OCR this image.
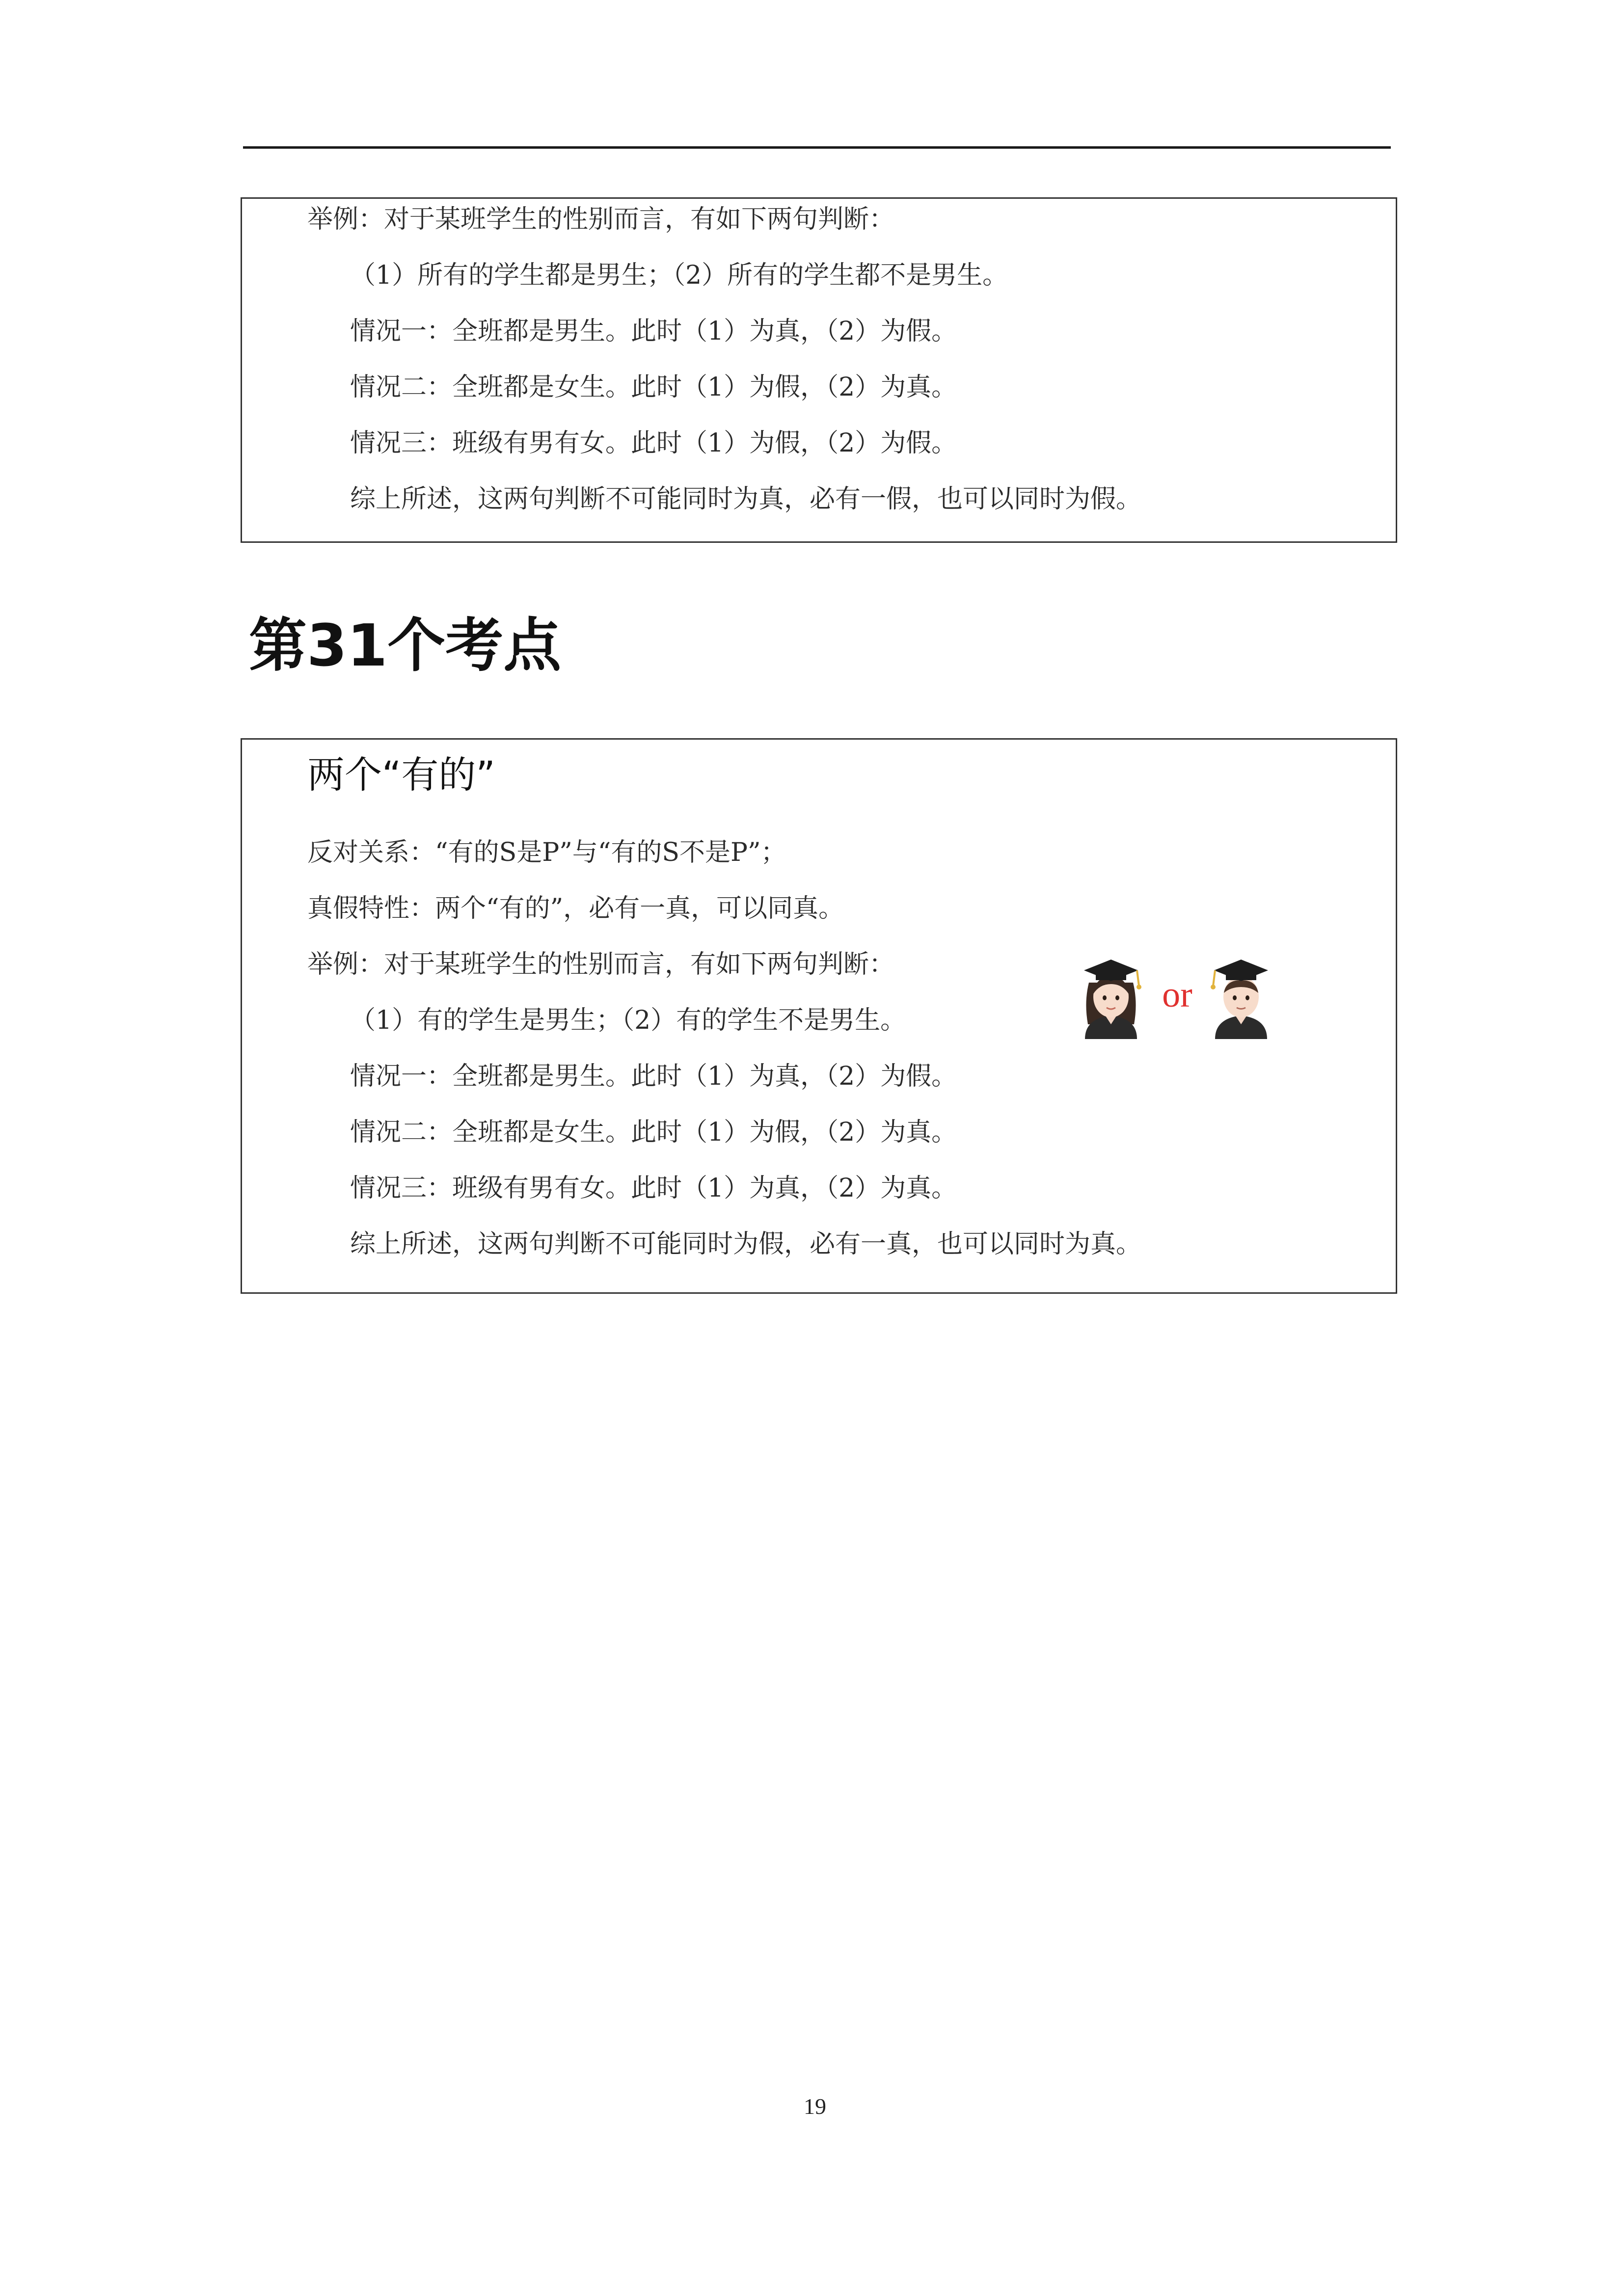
举例：对于某班学生的性别而言，有如下两句判断：
（1）所有的学生都是男生；（2）所有的学生都不是男生。
情况一：全班都是男生。此时（1）为真，（2）为假。
情况二：全班都是女生。此时（1）为假，（2）为真。
情况三：班级有男有女。此时（1）为假，（2）为假。
综上所述，这两句判断不可能同时为真，必有一假，也可以同时为假。
第31个考点
两个“有的”
反对关系：“有的S是P”与“有的S不是P”；
真假特性：两个“有的”，必有一真，可以同真。
举例：对于某班学生的性别而言，有如下两句判断：
（1）有的学生是男生；（2）有的学生不是男生。
情况一：全班都是男生。此时（1）为真，（2）为假。
情况二：全班都是女生。此时（1）为假，（2）为真。
情况三：班级有男有女。此时（1）为真，（2）为真。
综上所述，这两句判断不可能同时为假，必有一真，也可以同时为真。
or
19
